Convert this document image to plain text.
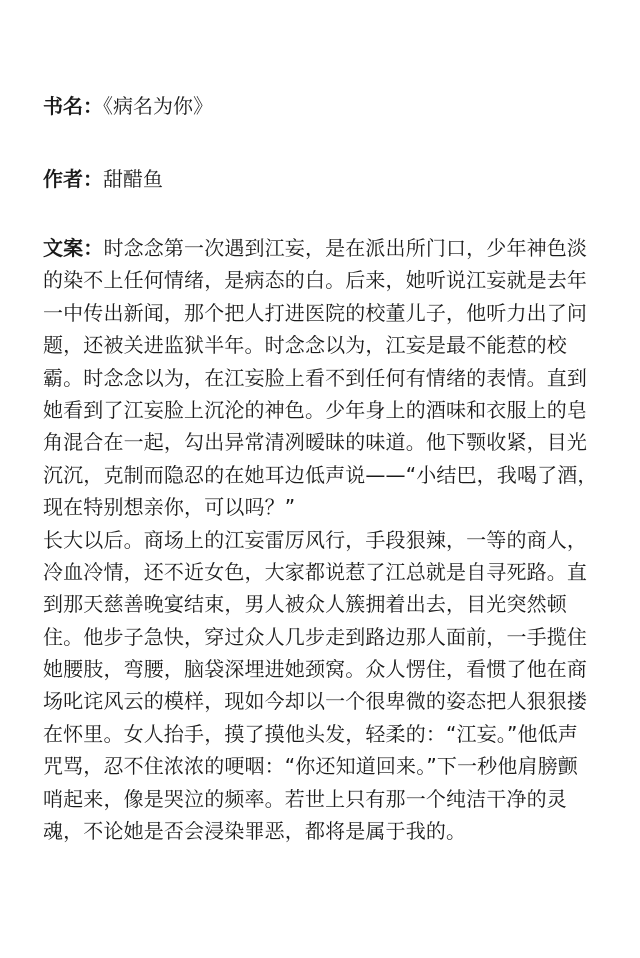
书名：《病名为你》
作者：甜醋鱼
文案：时念念第一次遇到江妄，是在派出所门口，少年神色淡
的染不上任何情绪，是病态的白。后来，她听说江妄就是去年
一中传出新闻，那个把人打进医院的校董儿子，他听力出了问
题，还被关进监狱半年。时念念以为，江妄是最不能惹的校
霸。时念念以为，在江妄脸上看不到任何有情绪的表情。直到
她看到了江妄脸上沉沦的神色。少年身上的酒味和衣服上的皂
角混合在一起，勾出异常清冽暧昧的味道。他下颚收紧，目光
沉沉，克制而隐忍的在她耳边低声说——“小结巴，我喝了酒，
现在特别想亲你，可以吗？”
长大以后。商场上的江妄雷厉风行，手段狠辣，一等的商人，
冷血冷情，还不近女色，大家都说惹了江总就是自寻死路。直
到那天慈善晚宴结束，男人被众人簇拥着出去，目光突然顿
住。他步子急快，穿过众人几步走到路边那人面前，一手揽住
她腰肢，弯腰，脑袋深埋进她颈窝。众人愣住，看惯了他在商
场叱诧风云的模样，现如今却以一个很卑微的姿态把人狠狠搂
在怀里。女人抬手，摸了摸他头发，轻柔的：“江妄。”他低声
咒骂，忍不住浓浓的哽咽：“你还知道回来。”下一秒他肩膀颤
哨起来，像是哭泣的频率。若世上只有那一个纯洁干净的灵
魂，不论她是否会浸染罪恶，都将是属于我的。
